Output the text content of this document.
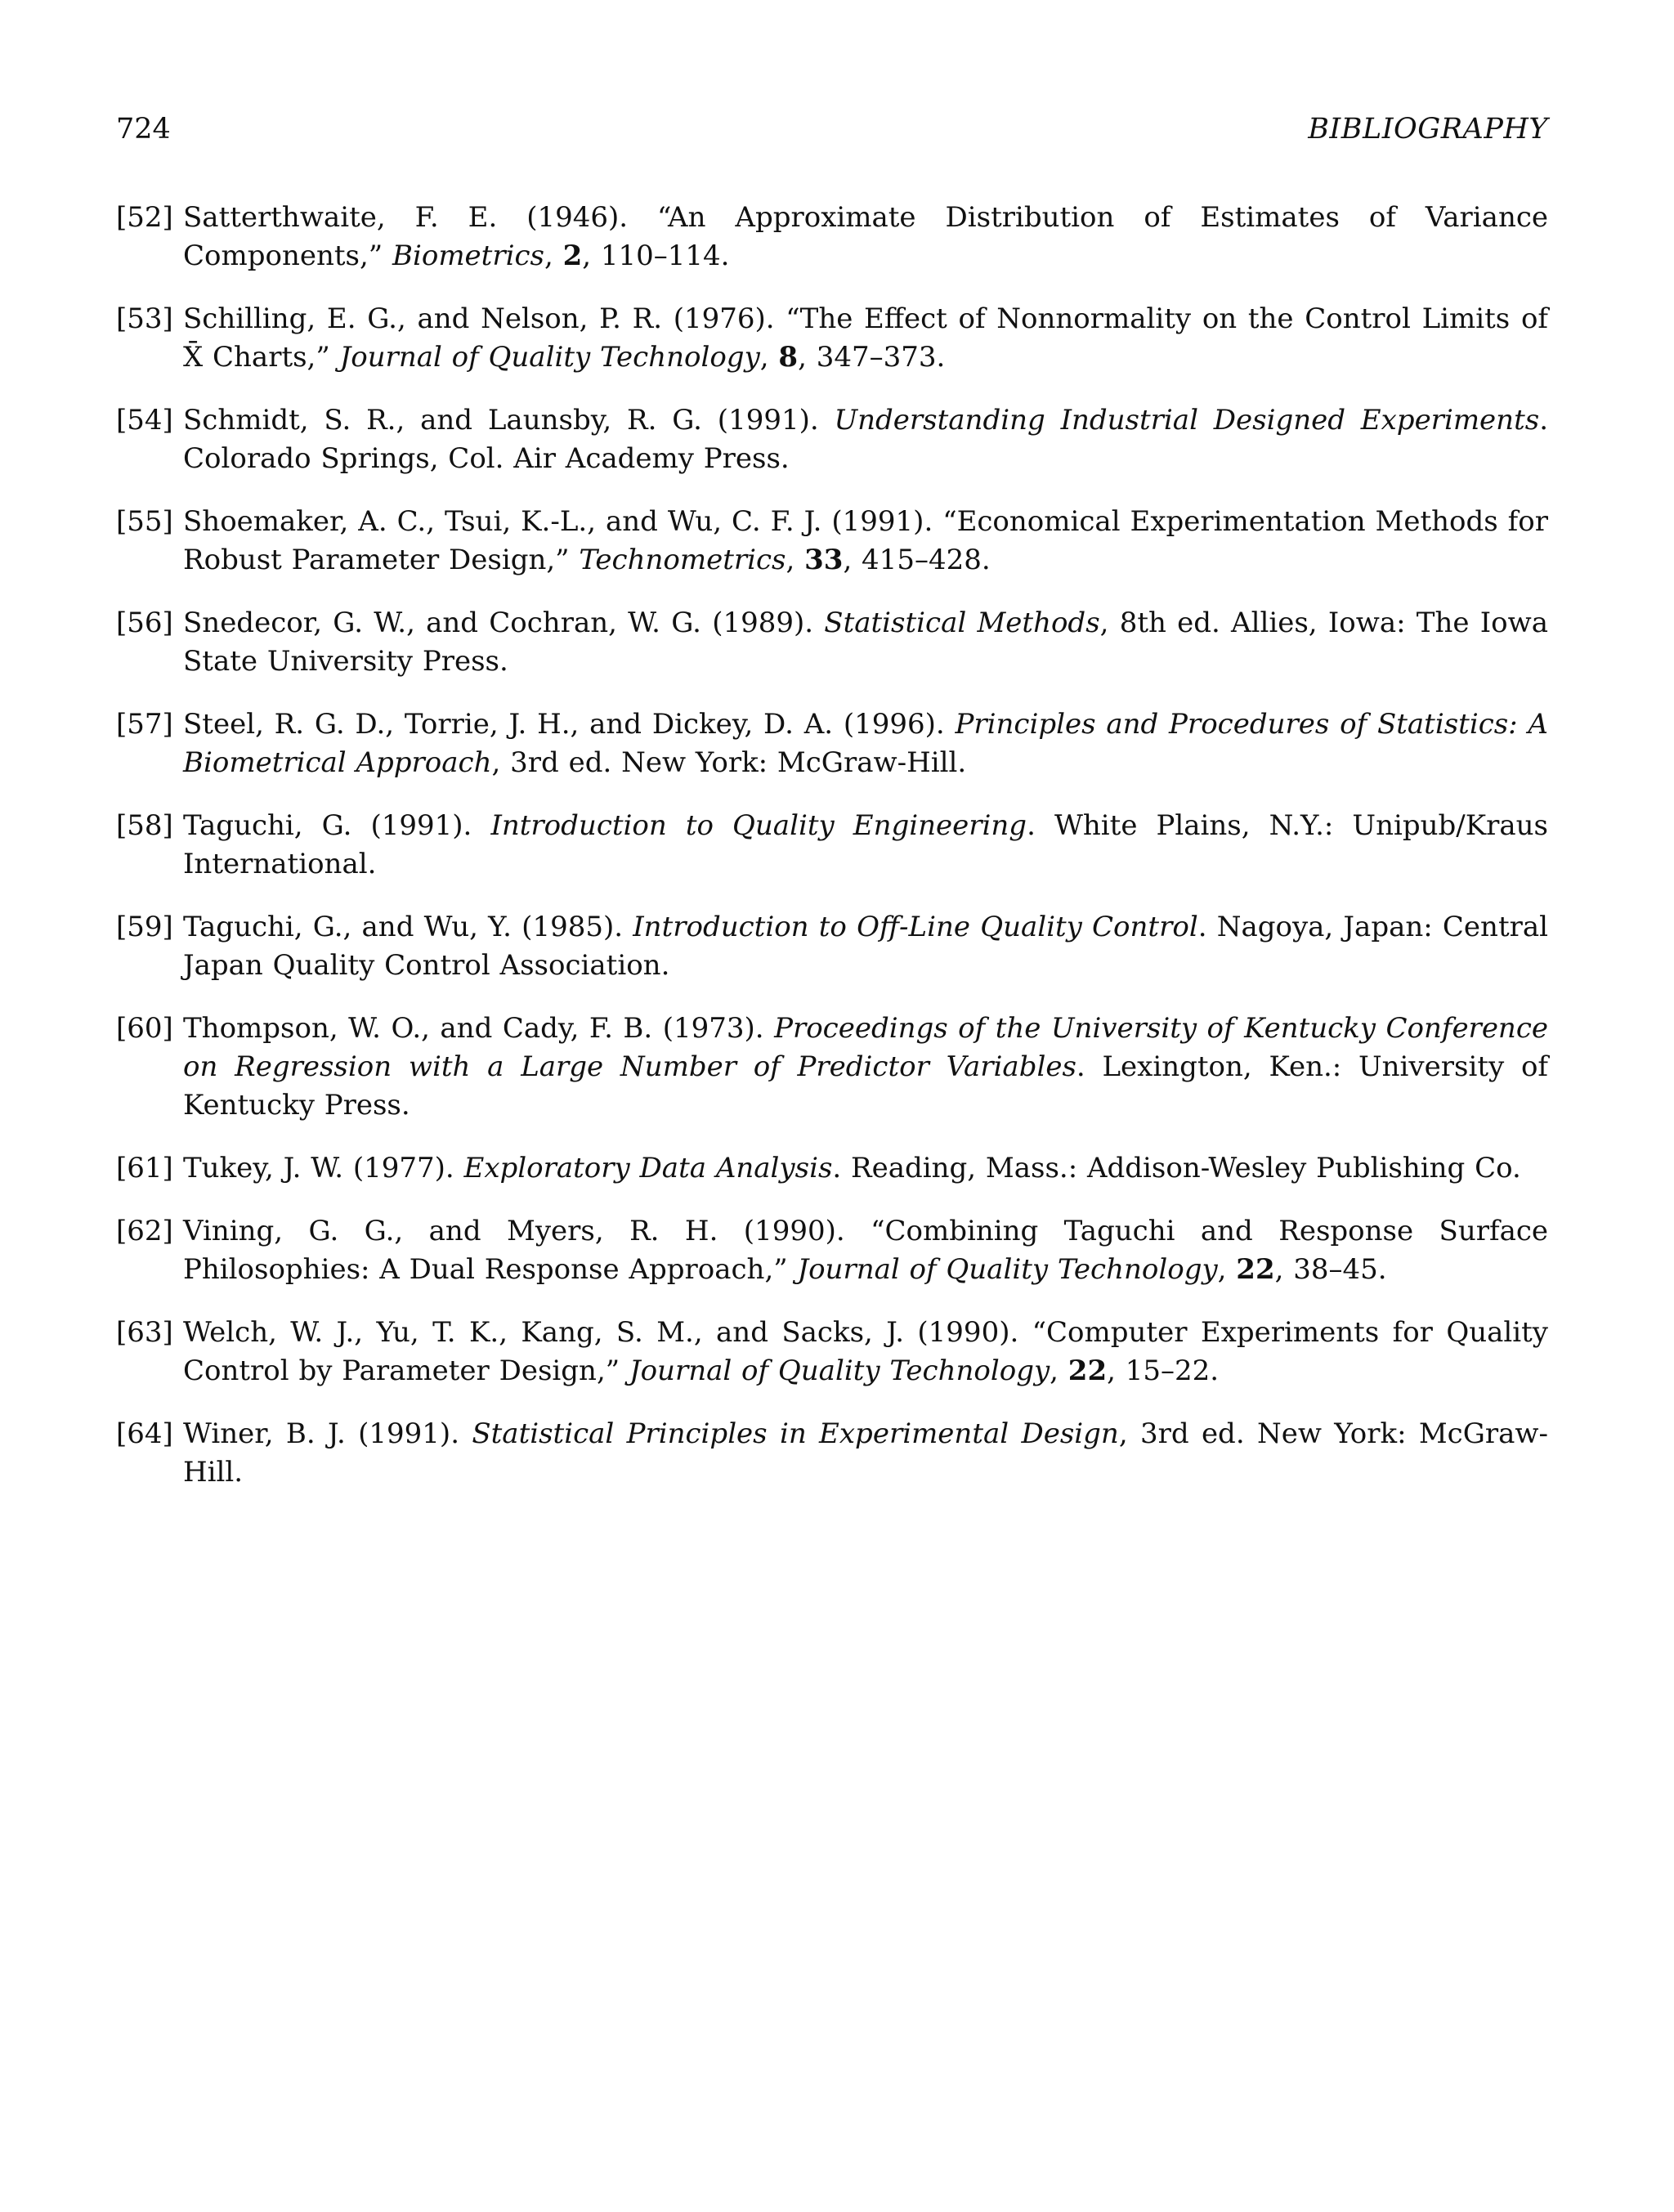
724	BIBLIOGRAPHY
[52] Satterthwaite, F. E. (1946). “An Approximate Distribution of Estimates of Variance Components,” Biometrics, 2, 110–114.
[53] Schilling, E. G., and Nelson, P. R. (1976). “The Effect of Nonnormality on the Control Limits of X̄ Charts,” Journal of Quality Technology, 8, 347–373.
[54] Schmidt, S. R., and Launsby, R. G. (1991). Understanding Industrial Designed Experiments. Colorado Springs, Col. Air Academy Press.
[55] Shoemaker, A. C., Tsui, K.-L., and Wu, C. F. J. (1991). “Economical Experimentation Methods for Robust Parameter Design,” Technometrics, 33, 415–428.
[56] Snedecor, G. W., and Cochran, W. G. (1989). Statistical Methods, 8th ed. Allies, Iowa: The Iowa State University Press.
[57] Steel, R. G. D., Torrie, J. H., and Dickey, D. A. (1996). Principles and Procedures of Statistics: A Biometrical Approach, 3rd ed. New York: McGraw-Hill.
[58] Taguchi, G. (1991). Introduction to Quality Engineering. White Plains, N.Y.: Unipub/Kraus International.
[59] Taguchi, G., and Wu, Y. (1985). Introduction to Off-Line Quality Control. Nagoya, Japan: Central Japan Quality Control Association.
[60] Thompson, W. O., and Cady, F. B. (1973). Proceedings of the University of Kentucky Conference on Regression with a Large Number of Predictor Variables. Lexington, Ken.: University of Kentucky Press.
[61] Tukey, J. W. (1977). Exploratory Data Analysis. Reading, Mass.: Addison-Wesley Publishing Co.
[62] Vining, G. G., and Myers, R. H. (1990). “Combining Taguchi and Response Surface Philosophies: A Dual Response Approach,” Journal of Quality Technology, 22, 38–45.
[63] Welch, W. J., Yu, T. K., Kang, S. M., and Sacks, J. (1990). “Computer Experiments for Quality Control by Parameter Design,” Journal of Quality Technology, 22, 15–22.
[64] Winer, B. J. (1991). Statistical Principles in Experimental Design, 3rd ed. New York: McGraw-Hill.
